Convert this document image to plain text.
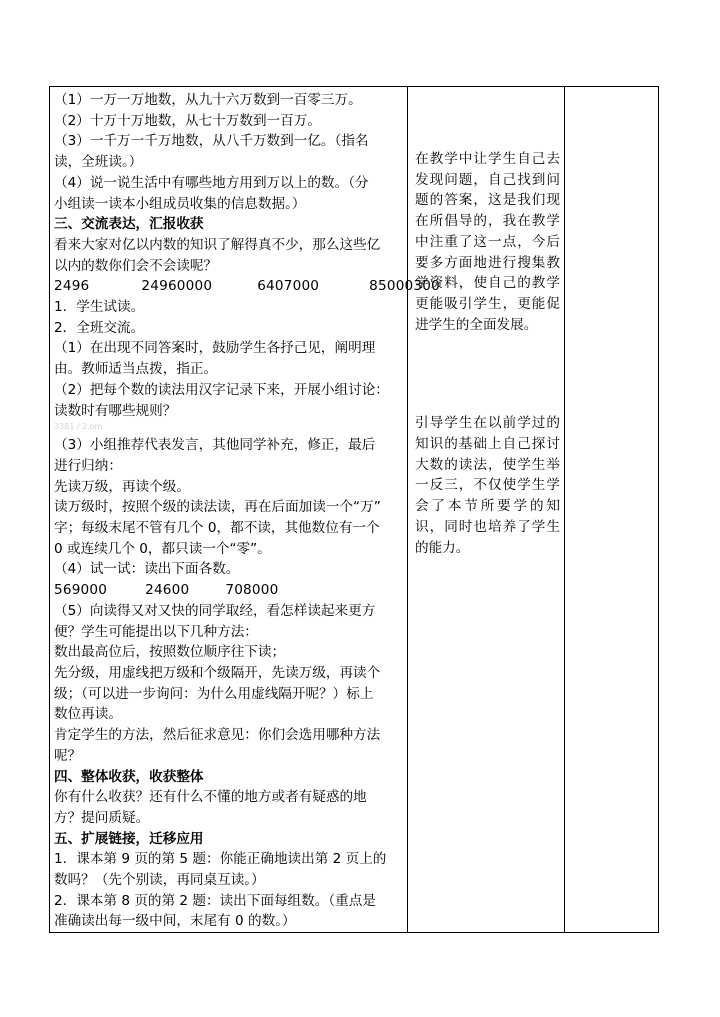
（1）一万一万地数，从九十六万数到一百零三万。
（2）十万十万地数，从七十万数到一百万。
（3）一千万一千万地数，从八千万数到一亿。（指名
读，全班读。）
（4）说一说生活中有哪些地方用到万以上的数。（分
小组读一读本小组成员收集的信息数据。）
三、交流表达，汇报收获
看来大家对亿以内数的知识了解得真不少，那么这些亿
以内的数你们会不会读呢？
2496	24960000	6407000	85000300
1．学生试读。
2．全班交流。
（1）在出现不同答案时，鼓励学生各抒己见，阐明理
由。教师适当点拨，指正。
（2）把每个数的读法用汉字记录下来，开展小组讨论：
读数时有哪些规则？
3381 / 2.om
（3）小组推荐代表发言，其他同学补充，修正，最后
进行归纳：
先读万级，再读个级。
读万级时，按照个级的读法读，再在后面加读一个“万”
字；每级末尾不管有几个 0，都不读，其他数位有一个
0 或连续几个 0，都只读一个“零”。
（4）试一试：读出下面各数。
569000	24600	708000
（5）向读得又对又快的同学取经，看怎样读起来更方
便？学生可能提出以下几种方法：
数出最高位后，按照数位顺序往下读；
先分级，用虚线把万级和个级隔开，先读万级，再读个
级；（可以进一步询问：为什么用虚线隔开呢？）标上
数位再读。
肯定学生的方法，然后征求意见：你们会选用哪种方法
呢？
四、整体收获，收获整体
你有什么收获？还有什么不懂的地方或者有疑惑的地
方？提问质疑。
五、扩展链接，迁移应用
1．课本第 9 页的第 5 题：你能正确地读出第 2 页上的
数吗？（先个别读，再同桌互读。）
2．课本第 8 页的第 2 题：读出下面每组数。（重点是
准确读出每一级中间，末尾有 0 的数。）

在教学中让学生自己去发现问题，自己找到问题的答案，这是我们现在所倡导的，我在教学中注重了这一点，今后要多方面地进行搜集教学资料，使自己的教学更能吸引学生，更能促进学生的全面发展。
引导学生在以前学过的知识的基础上自己探讨大数的读法，使学生举一反三，不仅使学生学会了本节所要学的知识，同时也培养了学生的能力。
